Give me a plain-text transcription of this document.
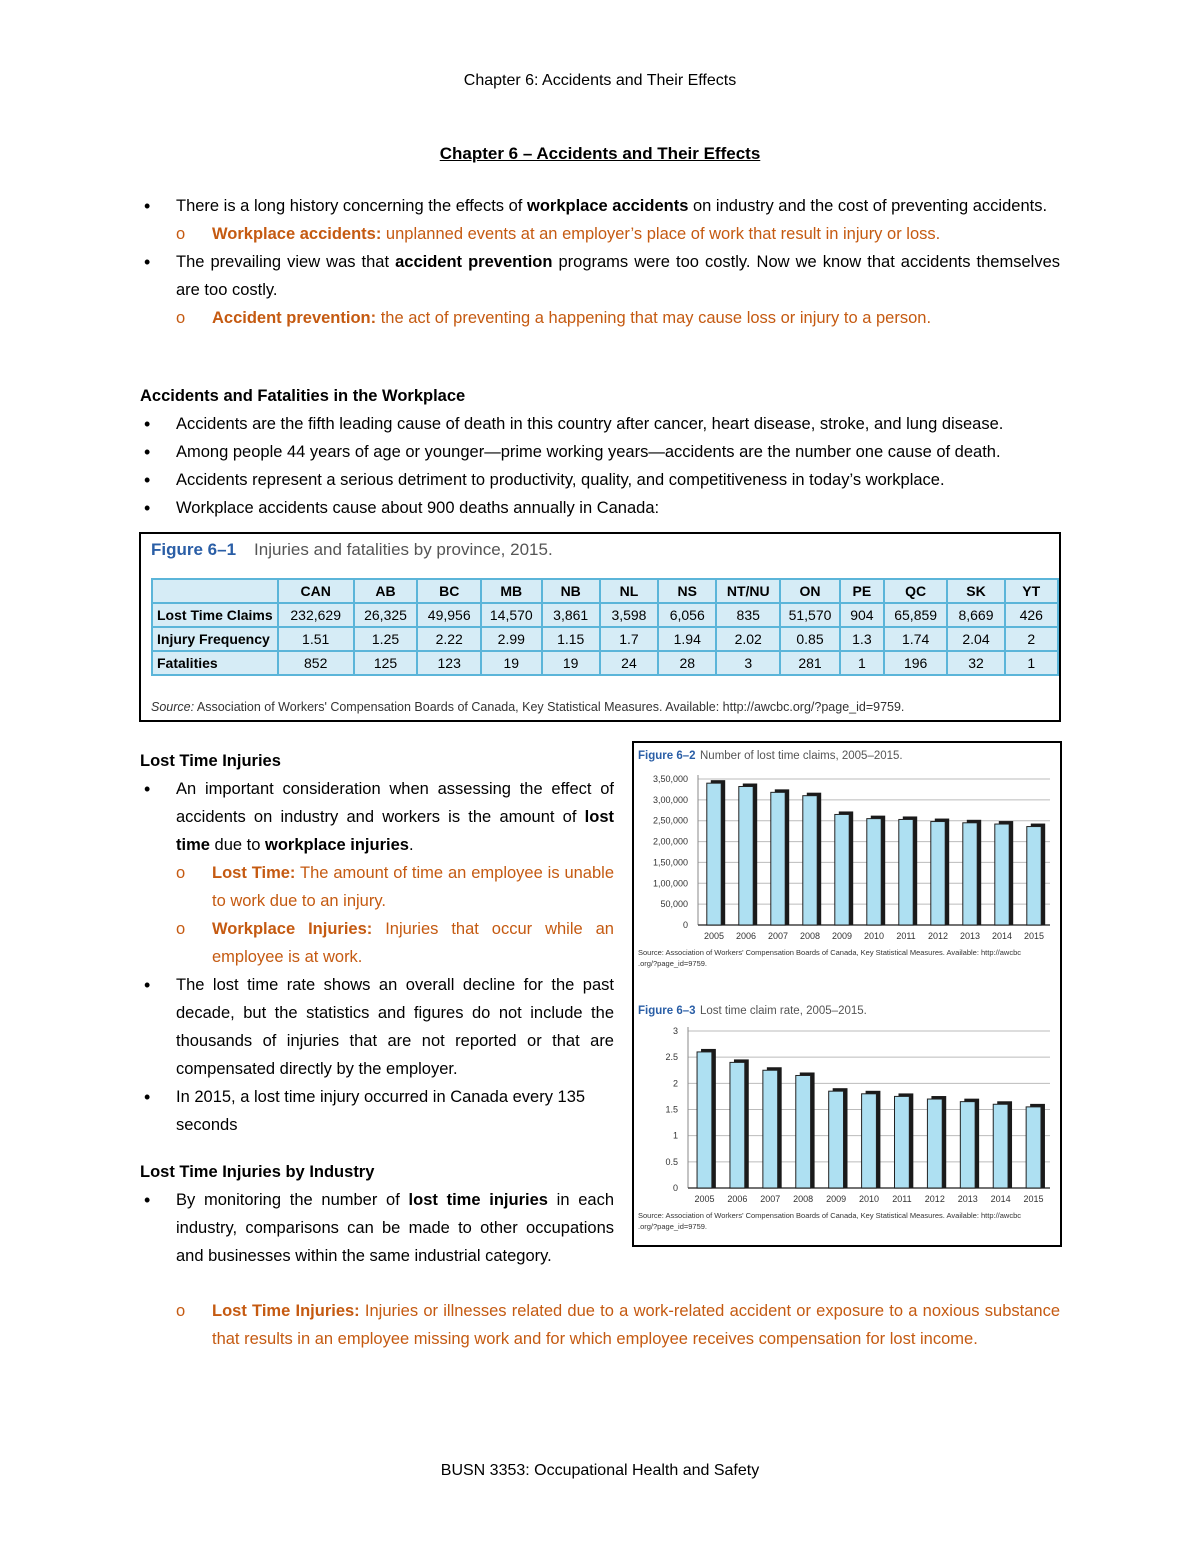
Chapter 6: Accidents and Their Effects
Chapter 6 – Accidents and Their Effects
• There is a long history concerning the effects of workplace accidents on industry and the cost of preventing accidents.
o Workplace accidents: unplanned events at an employer’s place of work that result in injury or loss.
• The prevailing view was that accident prevention programs were too costly. Now we know that accidents themselves are too costly.
o Accident prevention: the act of preventing a happening that may cause loss or injury to a person.
Accidents and Fatalities in the Workplace
• Accidents are the fifth leading cause of death in this country after cancer, heart disease, stroke, and lung disease.
• Among people 44 years of age or younger—prime working years—accidents are the number one cause of death.
• Accidents represent a serious detriment to productivity, quality, and competitiveness in today’s workplace.
• Workplace accidents cause about 900 deaths annually in Canada:
Figure 6–1 Injuries and fatalities by province, 2015.
	CAN	AB	BC	MB	NB	NL	NS	NT/NU	ON	PE	QC	SK	YT
Lost Time Claims	232,629	26,325	49,956	14,570	3,861	3,598	6,056	835	51,570	904	65,859	8,669	426
Injury Frequency	1.51	1.25	2.22	2.99	1.15	1.7	1.94	2.02	0.85	1.3	1.74	2.04	2
Fatalities	852	125	123	19	19	24	28	3	281	1	196	32	1
Source: Association of Workers' Compensation Boards of Canada, Key Statistical Measures. Available: http://awcbc.org/?page_id=9759.
Lost Time Injuries
• An important consideration when assessing the effect of accidents on industry and workers is the amount of lost time due to workplace injuries.
o Lost Time: The amount of time an employee is unable to work due to an injury.
o Workplace Injuries: Injuries that occur while an employee is at work.
• The lost time rate shows an overall decline for the past decade, but the statistics and figures do not include the thousands of injuries that are not reported or that are compensated directly by the employer.
• In 2015, a lost time injury occurred in Canada every 135 seconds
Lost Time Injuries by Industry
• By monitoring the number of lost time injuries in each industry, comparisons can be made to other occupations and businesses within the same industrial category.
o Lost Time Injuries: Injuries or illnesses related due to a work-related accident or exposure to a noxious substance that results in an employee missing work and for which employee receives compensation for lost income.
Figure 6–2 Number of lost time claims, 2005–2015.
0
50,000
1,00,000
1,50,000
2,00,000
2,50,000
3,00,000
3,50,000
2005 2006 2007 2008 2009 2010 2011 2012 2013 2014 2015
Source: Association of Workers' Compensation Boards of Canada, Key Statistical Measures. Available: http://awcbc
.org/?page_id=9759.
Figure 6–3 Lost time claim rate, 2005–2015.
0
0.5
1
1.5
2
2.5
3
2005 2006 2007 2008 2009 2010 2011 2012 2013 2014 2015
Source: Association of Workers' Compensation Boards of Canada, Key Statistical Measures. Available: http://awcbc
.org/?page_id=9759.
BUSN 3353: Occupational Health and Safety
